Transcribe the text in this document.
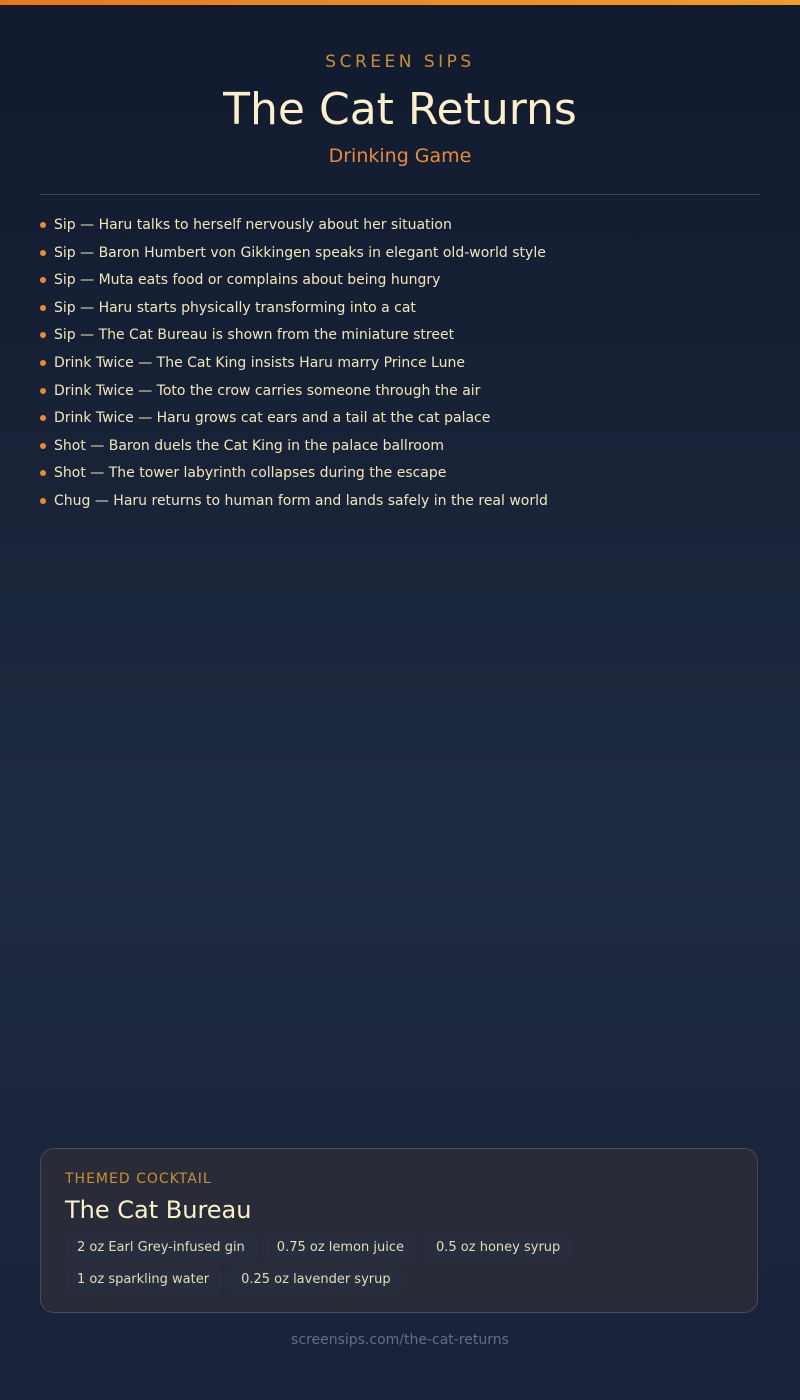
SCREEN SIPS
The Cat Returns
Drinking Game
Sip — Haru talks to herself nervously about her situation
Sip — Baron Humbert von Gikkingen speaks in elegant old-world style
Sip — Muta eats food or complains about being hungry
Sip — Haru starts physically transforming into a cat
Sip — The Cat Bureau is shown from the miniature street
Drink Twice — The Cat King insists Haru marry Prince Lune
Drink Twice — Toto the crow carries someone through the air
Drink Twice — Haru grows cat ears and a tail at the cat palace
Shot — Baron duels the Cat King in the palace ballroom
Shot — The tower labyrinth collapses during the escape
Chug — Haru returns to human form and lands safely in the real world
THEMED COCKTAIL
The Cat Bureau
2 oz Earl Grey-infused gin	0.75 oz lemon juice	0.5 oz honey syrup
1 oz sparkling water	0.25 oz lavender syrup
screensips.com/the-cat-returns
